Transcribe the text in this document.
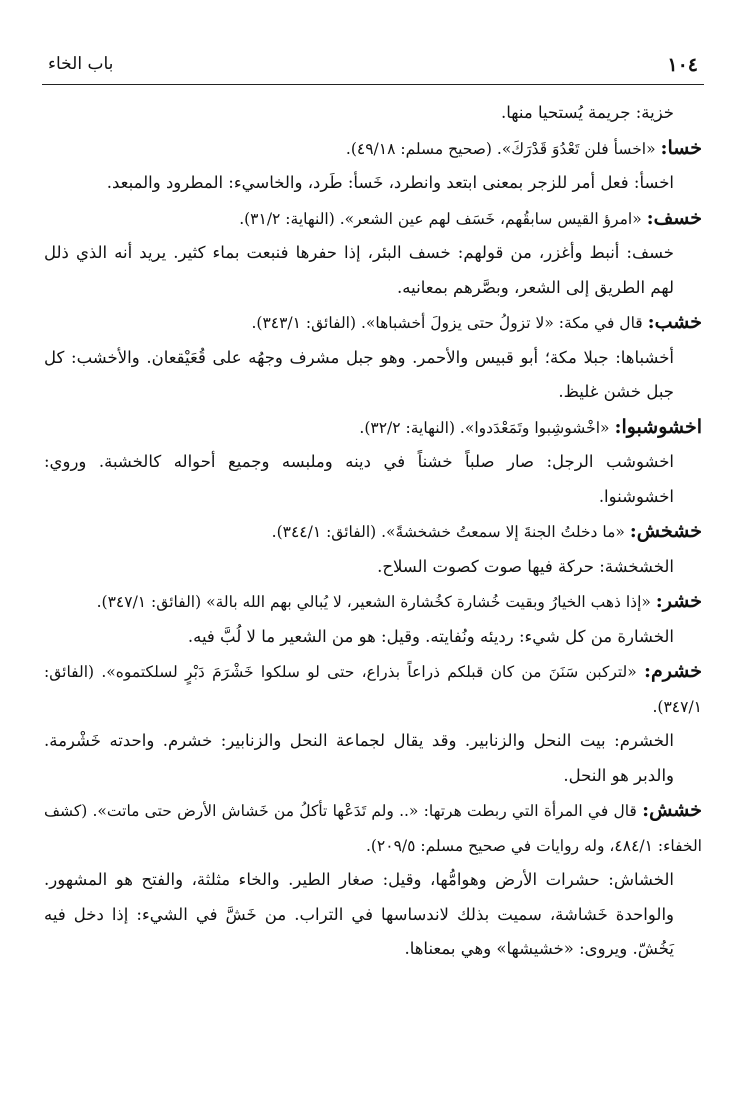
١٠٤
باب الخاء

خزية: جريمة يُستحيا منها.

خسا: «اخسأ فلن تَعْدُوَ قَدْرَكَ». (صحيح مسلم: ٤٩/١٨).

اخسأ: فعل أمر للزجر بمعنى ابتعد وانطرد، خَسأ: طَرد، والخاسيء: المطرود والمبعد.

خسف: «امرؤ القيس سابقُهم، خَسَف لهم عين الشعر». (النهاية: ٣١/٢).

خسف: أنبط وأغزر، من قولهم: خسف البئر، إذا حفرها فنبعت بماء كثير. يريد أنه الذي ذلل لهم الطريق إلى الشعر، وبصَّرهم بمعانيه.

خشب: قال في مكة: «لا تزولُ حتى يزولَ أخشباها». (الفائق: ٣٤٣/١).

أخشباها: جبلا مكة؛ أبو قبيس والأحمر. وهو جبل مشرف وجهُه على قُعَيْقعان. والأخشب: كل جبل خشن غليظ.

اخشوشبوا: «اخْشوشِبوا وتَمَعْدَدوا». (النهاية: ٣٢/٢).

اخشوشب الرجل: صار صلباً خشناً في دينه وملبسه وجميع أحواله كالخشبة. وروي: اخشوشنوا.

خشخش: «ما دخلتُ الجنةَ إلا سمعتُ خشخشةً». (الفائق: ٣٤٤/١).

الخشخشة: حركة فيها صوت كصوت السلاح.

خشر: «إذا ذهب الخيارُ وبقيت خُشارة كخُشارة الشعير، لا يُبالي بهم الله بالة» (الفائق: ٣٤٧/١).

الخشارة من كل شيء: رديئه ونُفايته. وقيل: هو من الشعير ما لا لُبَّ فيه.

خشرم: «لتركبن سَنَنَ من كان قبلكم ذراعاً بذراع، حتى لو سلكوا خَشْرَمَ دَبْرٍ لسلكتموه». (الفائق: ٣٤٧/١).

الخشرم: بيت النحل والزنابير. وقد يقال لجماعة النحل والزنابير: خشرم. واحدته خَشْرمة. والدبر هو النحل.

خشش: قال في المرأة التي ربطت هرتها: «.. ولم تَدَعْها تأكلُ من خَشاش الأرض حتى ماتت». (كشف الخفاء: ٤٨٤/١، وله روايات في صحيح مسلم: ٢٠٩/٥).

الخشاش: حشرات الأرض وهوامُّها، وقيل: صغار الطير. والخاء مثلثة، والفتح هو المشهور. والواحدة خَشاشة، سميت بذلك لاندساسها في التراب. من خَشَّ في الشيء: إذا دخل فيه يَخُشّ. ويروى: «خشيشها» وهي بمعناها.
